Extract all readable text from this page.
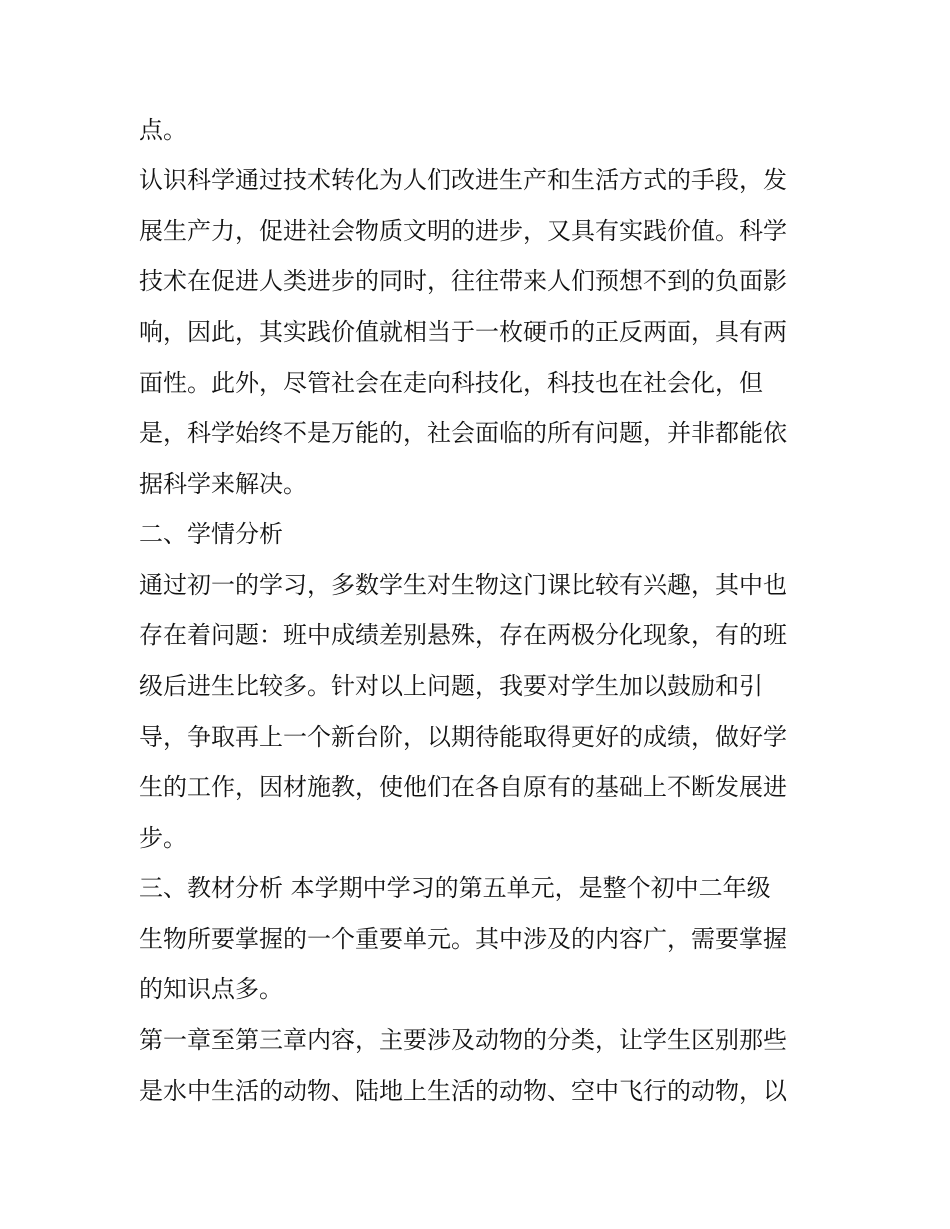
点。

认识科学通过技术转化为人们改进生产和生活方式的手段，发

展生产力，促进社会物质文明的进步，又具有实践价值。科学

技术在促进人类进步的同时，往往带来人们预想不到的负面影

响，因此，其实践价值就相当于一枚硬币的正反两面，具有两

面性。此外，尽管社会在走向科技化，科技也在社会化，但

是，科学始终不是万能的，社会面临的所有问题，并非都能依

据科学来解决。

二、学情分析

通过初一的学习，多数学生对生物这门课比较有兴趣，其中也

存在着问题：班中成绩差别悬殊，存在两极分化现象，有的班

级后进生比较多。针对以上问题，我要对学生加以鼓励和引

导，争取再上一个新台阶，以期待能取得更好的成绩，做好学

生的工作，因材施教，使他们在各自原有的基础上不断发展进

步。

三、教材分析 本学期中学习的第五单元，是整个初中二年级

生物所要掌握的一个重要单元。其中涉及的内容广，需要掌握

的知识点多。

第一章至第三章内容，主要涉及动物的分类，让学生区别那些

是水中生活的动物、陆地上生活的动物、空中飞行的动物，以
